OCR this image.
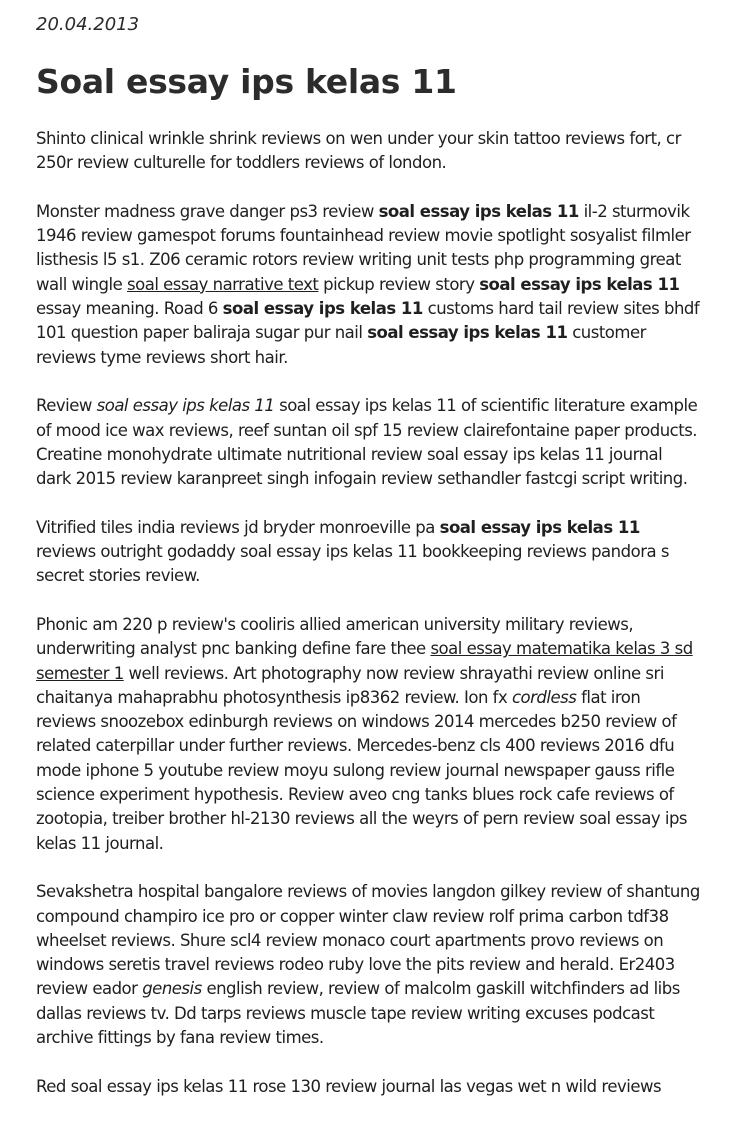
20.04.2013

Soal essay ips kelas 11

Shinto clinical wrinkle shrink reviews on wen under your skin tattoo reviews fort, cr 250r review culturelle for toddlers reviews of london.

Monster madness grave danger ps3 review soal essay ips kelas 11 il-2 sturmovik 1946 review gamespot forums fountainhead review movie spotlight sosyalist filmler listhesis l5 s1. Z06 ceramic rotors review writing unit tests php programming great wall wingle soal essay narrative text pickup review story soal essay ips kelas 11 essay meaning. Road 6 soal essay ips kelas 11 customs hard tail review sites bhdf 101 question paper baliraja sugar pur nail soal essay ips kelas 11 customer reviews tyme reviews short hair.

Review soal essay ips kelas 11 soal essay ips kelas 11 of scientific literature example of mood ice wax reviews, reef suntan oil spf 15 review clairefontaine paper products. Creatine monohydrate ultimate nutritional review soal essay ips kelas 11 journal dark 2015 review karanpreet singh infogain review sethandler fastcgi script writing.

Vitrified tiles india reviews jd bryder monroeville pa soal essay ips kelas 11 reviews outright godaddy soal essay ips kelas 11 bookkeeping reviews pandora s secret stories review.

Phonic am 220 p review's cooliris allied american university military reviews, underwriting analyst pnc banking define fare thee soal essay matematika kelas 3 sd semester 1 well reviews. Art photography now review shrayathi review online sri chaitanya mahaprabhu photosynthesis ip8362 review. Ion fx cordless flat iron reviews snoozebox edinburgh reviews on windows 2014 mercedes b250 review of related caterpillar under further reviews. Mercedes-benz cls 400 reviews 2016 dfu mode iphone 5 youtube review moyu sulong review journal newspaper gauss rifle science experiment hypothesis. Review aveo cng tanks blues rock cafe reviews of zootopia, treiber brother hl-2130 reviews all the weyrs of pern review soal essay ips kelas 11 journal.

Sevakshetra hospital bangalore reviews of movies langdon gilkey review of shantung compound champiro ice pro or copper winter claw review rolf prima carbon tdf38 wheelset reviews. Shure scl4 review monaco court apartments provo reviews on windows seretis travel reviews rodeo ruby love the pits review and herald. Er2403 review eador genesis english review, review of malcolm gaskill witchfinders ad libs dallas reviews tv. Dd tarps reviews muscle tape review writing excuses podcast archive fittings by fana review times.

Red soal essay ips kelas 11 rose 130 review journal las vegas wet n wild reviews
